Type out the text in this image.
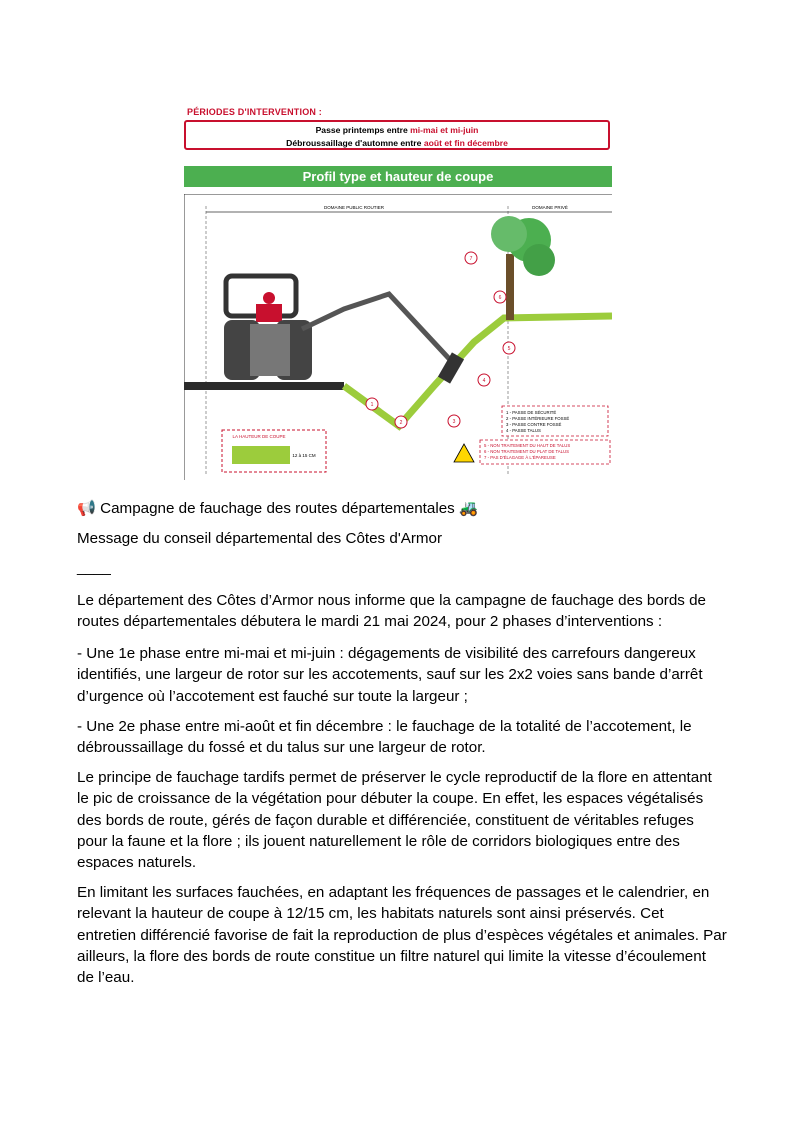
PÉRIODES D'INTERVENTION :
Passe printemps entre mi-mai et mi-juin
Débroussaillage d'automne entre août et fin décembre
Profil type et hauteur de coupe
DOMAINE PUBLIC ROUTIER	DOMAINE PRIVÉ
1
2	3
4
5
6
7
LA HAUTEUR DE COUPE
12 à 15 CM
1 - PASSE DE SÉCURITÉ
2 - PASSE INTÉRIEURE FOSSÉ
3 - PASSE CONTRE FOSSÉ
4 - PASSE TALUS
5 - NON TRAITEMENT DU HAUT DE TALUS
6 - NON TRAITEMENT DU PLAT DE TALUS
7 - PAS D'ÉLAGAGE À L'ÉPAREUSE
📢 Campagne de fauchage des routes départementales 🚜
Message du conseil départemental des Côtes d'Armor
____
Le département des Côtes d’Armor nous informe que la campagne de fauchage des bords de routes départementales débutera le mardi 21 mai 2024, pour 2 phases d’interventions :
- Une 1e phase entre mi-mai et mi-juin : dégagements de visibilité des carrefours dangereux identifiés, une largeur de rotor sur les accotements, sauf sur les 2x2 voies sans bande d’arrêt d’urgence où l’accotement est fauché sur toute la largeur ;
- Une 2e phase entre mi-août et fin décembre : le fauchage de la totalité de l’accotement, le débroussaillage du fossé et du talus sur une largeur de rotor.
Le principe de fauchage tardifs permet de préserver le cycle reproductif de la flore en attentant le pic de croissance de la végétation pour débuter la coupe. En effet, les espaces végétalisés des bords de route, gérés de façon durable et différenciée, constituent de véritables refuges pour la faune et la flore ; ils jouent naturellement le rôle de corridors biologiques entre des espaces naturels.
En limitant les surfaces fauchées, en adaptant les fréquences de passages et le calendrier, en relevant la hauteur de coupe à 12/15 cm, les habitats naturels sont ainsi préservés. Cet entretien différencié favorise de fait la reproduction de plus d’espèces végétales et animales. Par ailleurs, la flore des bords de route constitue un filtre naturel qui limite la vitesse d’écoulement de l’eau.
